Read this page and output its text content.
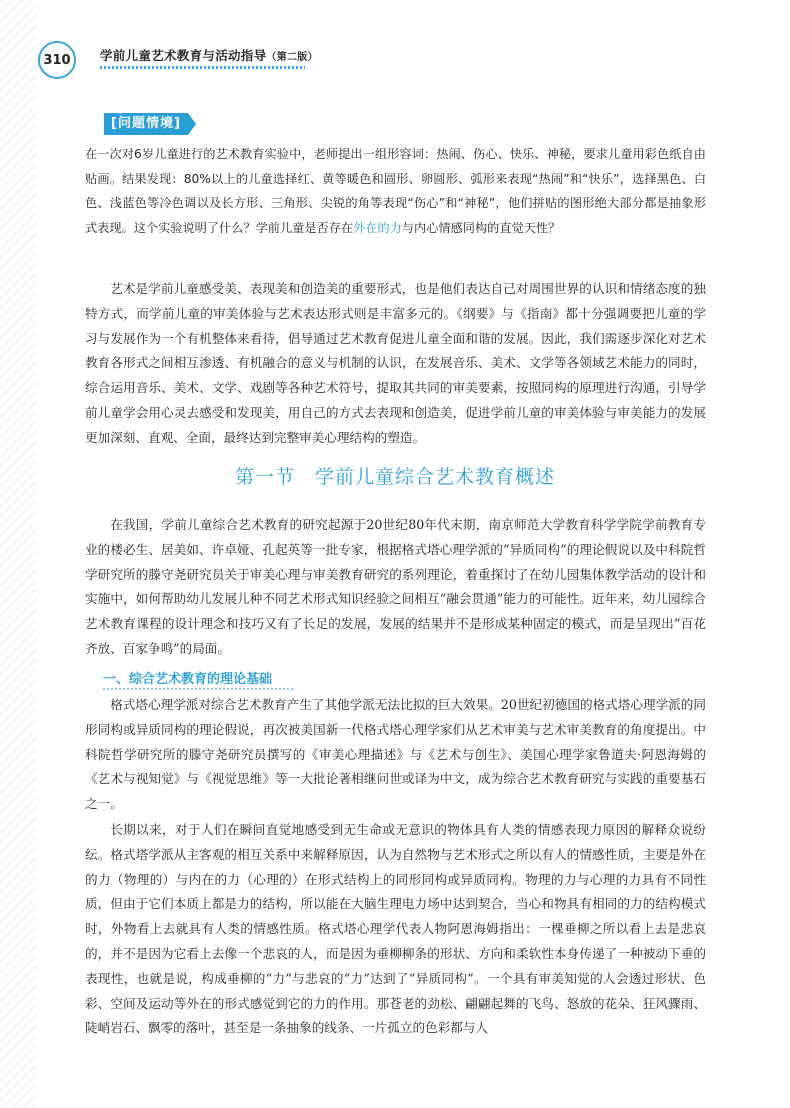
310	学前儿童艺术教育与活动指导（第二版）
[问题情境]
在一次对6岁儿童进行的艺术教育实验中，老师提出一组形容词：热闹、伤心、快乐、神秘，要求儿童用彩色纸自由贴画。结果发现：80%以上的儿童选择红、黄等暖色和圆形、卵圆形、弧形来表现“热闹”和“快乐”，选择黑色、白色、浅蓝色等冷色调以及长方形、三角形、尖锐的角等表现“伤心”和“神秘”，他们拼贴的图形绝大部分都是抽象形式表现。这个实验说明了什么？学前儿童是否存在外在的力与内心情感同构的直觉天性？
艺术是学前儿童感受美、表现美和创造美的重要形式，也是他们表达自己对周围世界的认识和情绪态度的独特方式，而学前儿童的审美体验与艺术表达形式则是丰富多元的。《纲要》与《指南》都十分强调要把儿童的学习与发展作为一个有机整体来看待，倡导通过艺术教育促进儿童全面和谐的发展。因此，我们需逐步深化对艺术教育各形式之间相互渗透、有机融合的意义与机制的认识，在发展音乐、美术、文学等各领域艺术能力的同时，综合运用音乐、美术、文学、戏剧等各种艺术符号，提取其共同的审美要素，按照同构的原理进行沟通，引导学前儿童学会用心灵去感受和发现美，用自己的方式去表现和创造美，促进学前儿童的审美体验与审美能力的发展更加深刻、直观、全面，最终达到完整审美心理结构的塑造。
第一节　学前儿童综合艺术教育概述
在我国，学前儿童综合艺术教育的研究起源于20世纪80年代末期，南京师范大学教育科学学院学前教育专业的楼必生、居美如、许卓娅、孔起英等一批专家，根据格式塔心理学派的“异质同构”的理论假说以及中科院哲学研究所的滕守尧研究员关于审美心理与审美教育研究的系列理论，着重探讨了在幼儿园集体教学活动的设计和实施中，如何帮助幼儿发展儿种不同艺术形式知识经验之间相互“融会贯通”能力的可能性。近年来，幼儿园综合艺术教育课程的设计理念和技巧又有了长足的发展，发展的结果并不是形成某种固定的模式，而是呈现出“百花齐放、百家争鸣”的局面。
一、综合艺术教育的理论基础
格式塔心理学派对综合艺术教育产生了其他学派无法比拟的巨大效果。20世纪初德国的格式塔心理学派的同形同构或异质同构的理论假说，再次被美国新一代格式塔心理学家们从艺术审美与艺术审美教育的角度提出。中科院哲学研究所的滕守尧研究员撰写的《审美心理描述》与《艺术与创生》、美国心理学家鲁道夫·阿恩海姆的《艺术与视知觉》与《视觉思维》等一大批论著相继问世或译为中文，成为综合艺术教育研究与实践的重要基石之一。
长期以来，对于人们在瞬间直觉地感受到无生命或无意识的物体具有人类的情感表现力原因的解释众说纷纭。格式塔学派从主客观的相互关系中来解释原因，认为自然物与艺术形式之所以有人的情感性质，主要是外在的力（物理的）与内在的力（心理的）在形式结构上的同形同构或异质同构。物理的力与心理的力具有不同性质，但由于它们本质上都是力的结构，所以能在大脑生理电力场中达到契合，当心和物具有相同的力的结构模式时，外物看上去就具有人类的情感性质。格式塔心理学代表人物阿恩海姆指出：一棵垂柳之所以看上去是悲哀的，并不是因为它看上去像一个悲哀的人，而是因为垂柳柳条的形状、方向和柔软性本身传递了一种被动下垂的表现性，也就是说，构成垂柳的“力”与悲哀的“力”达到了“异质同构”。一个具有审美知觉的人会透过形状、色彩、空间及运动等外在的形式感觉到它的力的作用。那苍老的劲松、翩翩起舞的飞鸟、怒放的花朵、狂风骤雨、陡峭岩石、飘零的落叶，甚至是一条抽象的线条、一片孤立的色彩都与人
